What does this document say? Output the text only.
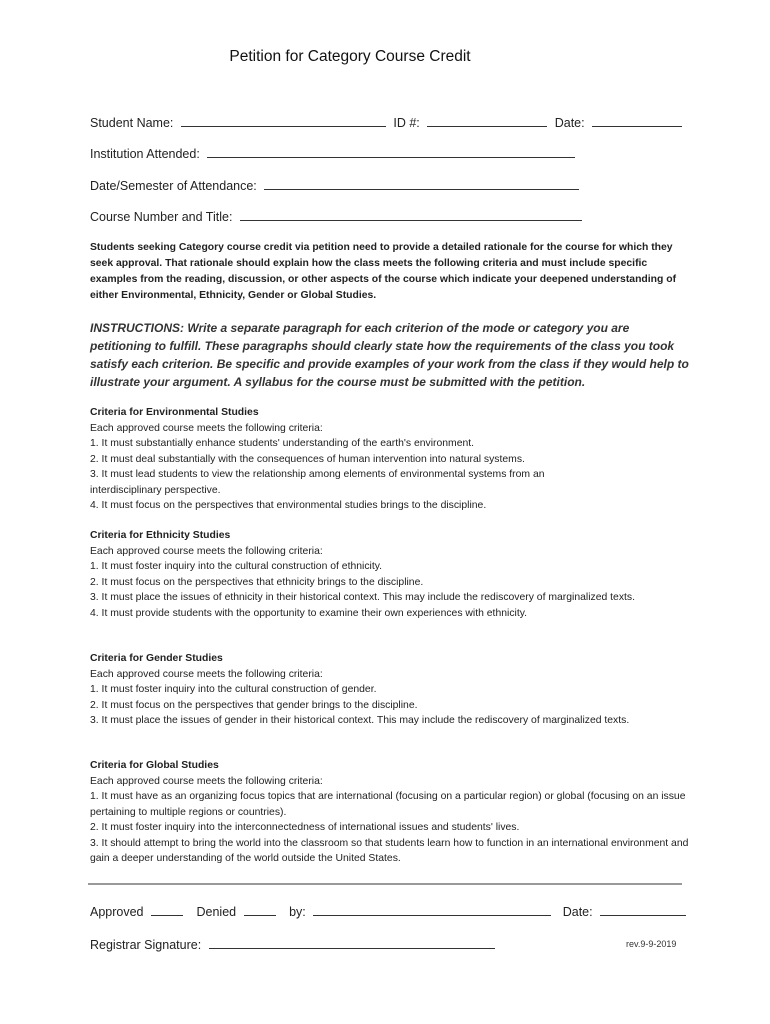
Petition for Category Course Credit
Student Name:	ID #:	Date:
Institution Attended:
Date/Semester of Attendance:
Course Number and Title:
Students seeking Category course credit via petition need to provide a detailed rationale for the course for which they seek approval. That rationale should explain how the class meets the following criteria and must include specific examples from the reading, discussion, or other aspects of the course which indicate your deepened understanding of either Environmental, Ethnicity, Gender or Global Studies.
INSTRUCTIONS: Write a separate paragraph for each criterion of the mode or category you are petitioning to fulfill. These paragraphs should clearly state how the requirements of the class you took satisfy each criterion. Be specific and provide examples of your work from the class if they would help to illustrate your argument. A syllabus for the course must be submitted with the petition.

Criteria for Environmental Studies

Each approved course meets the following criteria:

1. It must substantially enhance students' understanding of the earth's environment.

2. It must deal substantially with the consequences of human intervention into natural systems.

3. It must lead students to view the relationship among elements of environmental systems from an interdisciplinary perspective.

4. It must focus on the perspectives that environmental studies brings to the discipline.

Criteria for Ethnicity Studies

Each approved course meets the following criteria:

1. It must foster inquiry into the cultural construction of ethnicity.

2. It must focus on the perspectives that ethnicity brings to the discipline.

3. It must place the issues of ethnicity in their historical context. This may include the rediscovery of marginalized texts.

4. It must provide students with the opportunity to examine their own experiences with ethnicity.

Criteria for Gender Studies

Each approved course meets the following criteria:

1. It must foster inquiry into the cultural construction of gender.

2. It must focus on the perspectives that gender brings to the discipline.

3. It must place the issues of gender in their historical context. This may include the rediscovery of marginalized texts.

Criteria for Global Studies

Each approved course meets the following criteria:

1. It must have as an organizing focus topics that are international (focusing on a particular region) or global (focusing on an issue pertaining to multiple regions or countries).

2. It must foster inquiry into the interconnectedness of international issues and students' lives.

3. It should attempt to bring the world into the classroom so that students learn how to function in an international environment and gain a deeper understanding of the world outside the United States.

Approved	Denied	by:	Date:
Registrar Signature:	rev.9-9-2019
